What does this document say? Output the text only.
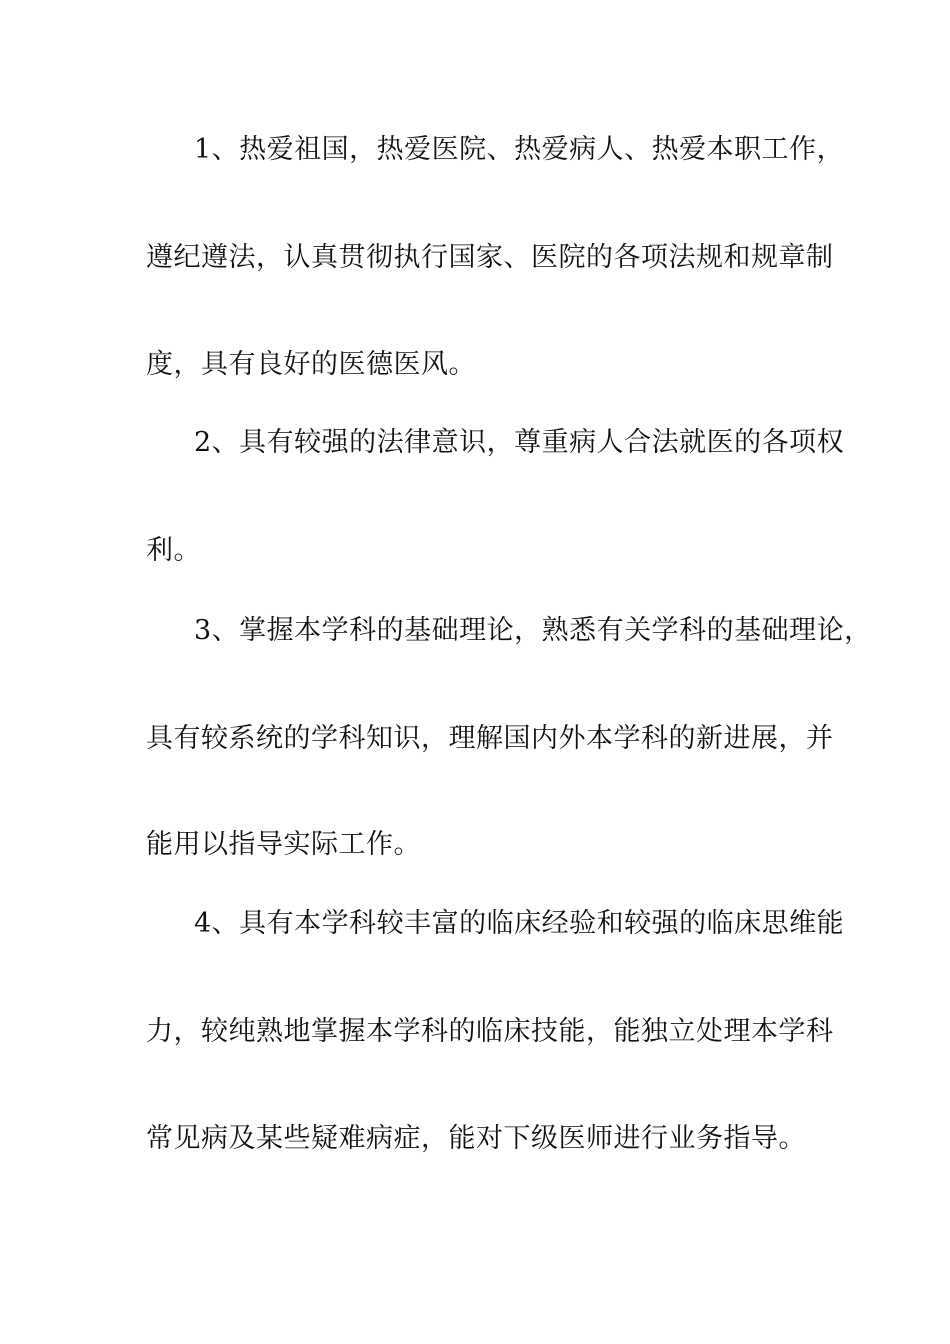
1、热爱祖国，热爱医院、热爱病人、热爱本职工作，
遵纪遵法，认真贯彻执行国家、医院的各项法规和规章制
度，具有良好的医德医风。
2、具有较强的法律意识，尊重病人合法就医的各项权
利。
3、掌握本学科的基础理论，熟悉有关学科的基础理论，
具有较系统的学科知识，理解国内外本学科的新进展，并
能用以指导实际工作。
4、具有本学科较丰富的临床经验和较强的临床思维能
力，较纯熟地掌握本学科的临床技能，能独立处理本学科
常见病及某些疑难病症，能对下级医师进行业务指导。
